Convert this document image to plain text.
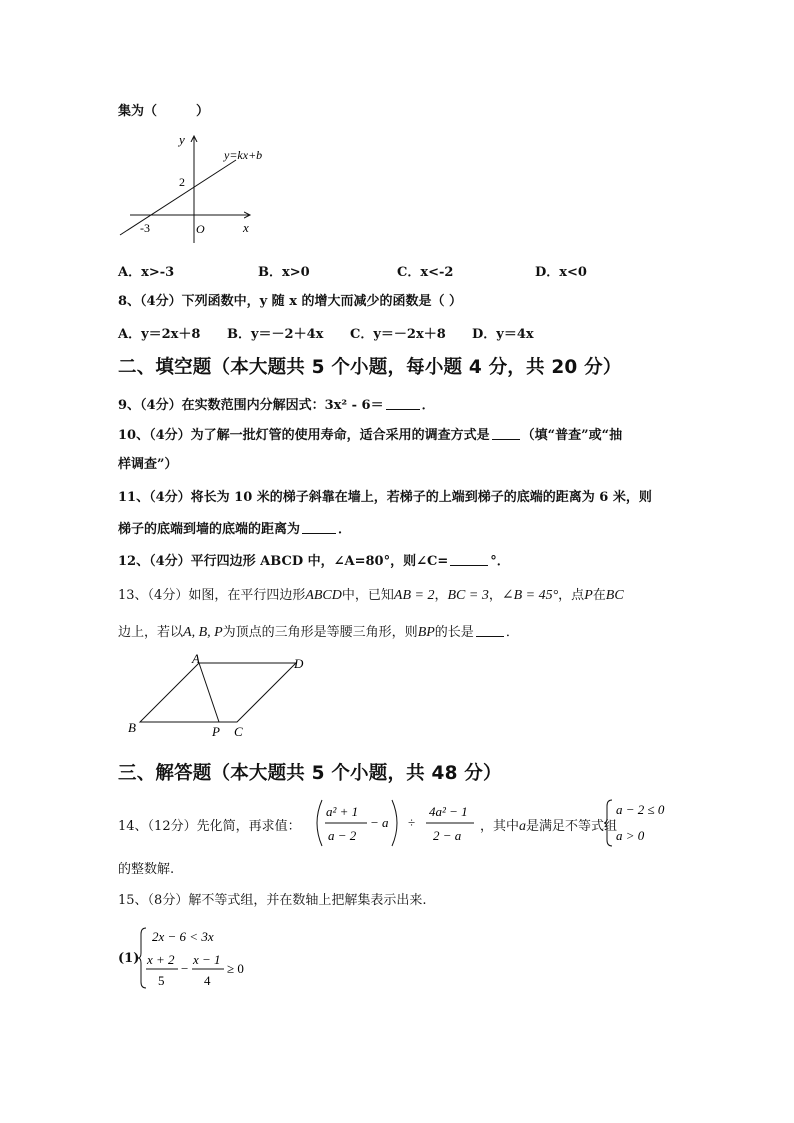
集为（　　　）
y
x
y=kx+b
2
-3	O
A．x>-3	B．x>0	C．x<-2	D．x<0
8、（4分）下列函数中，y 随 x 的增大而减少的函数是（ ）
A．y＝2x＋8 B．y＝－2＋4x C．y＝－2x＋8 D．y＝4x
二、填空题（本大题共 5 个小题，每小题 4 分，共 20 分）
9、（4分）在实数范围内分解因式：3x² - 6＝	．
10、（4分）为了解一批灯管的使用寿命，适合采用的调查方式是 （填“普查”或“抽
样调查”）
11、（4分）将长为 10 米的梯子斜靠在墙上，若梯子的上端到梯子的底端的距离为 6 米，则
梯子的底端到墙的底端的距离为	．
12、（4分）平行四边形 ABCD 中，∠A=80°，则∠C=	°．
13、（4分）如图，在平行四边形ABCD中，已知AB = 2，BC = 3，∠B = 45°，点P在BC
边上，若以A, B, P为顶点的三角形是等腰三角形，则BP的长是 ．
A	D
B	P C
三、解答题（本大题共 5 个小题，共 48 分）
14、（12分）先化简，再求值：
a² + 1
a − 2
− a ÷
4a² − 1
2 − a
，其中a是满足不等式组
a − 2 ≤ 0
a > 0
的整数解.
15、（8分）解不等式组，并在数轴上把解集表示出来.
(1)
2x − 6 < 3x
x + 2
5
−
x − 1
4
≥ 0
